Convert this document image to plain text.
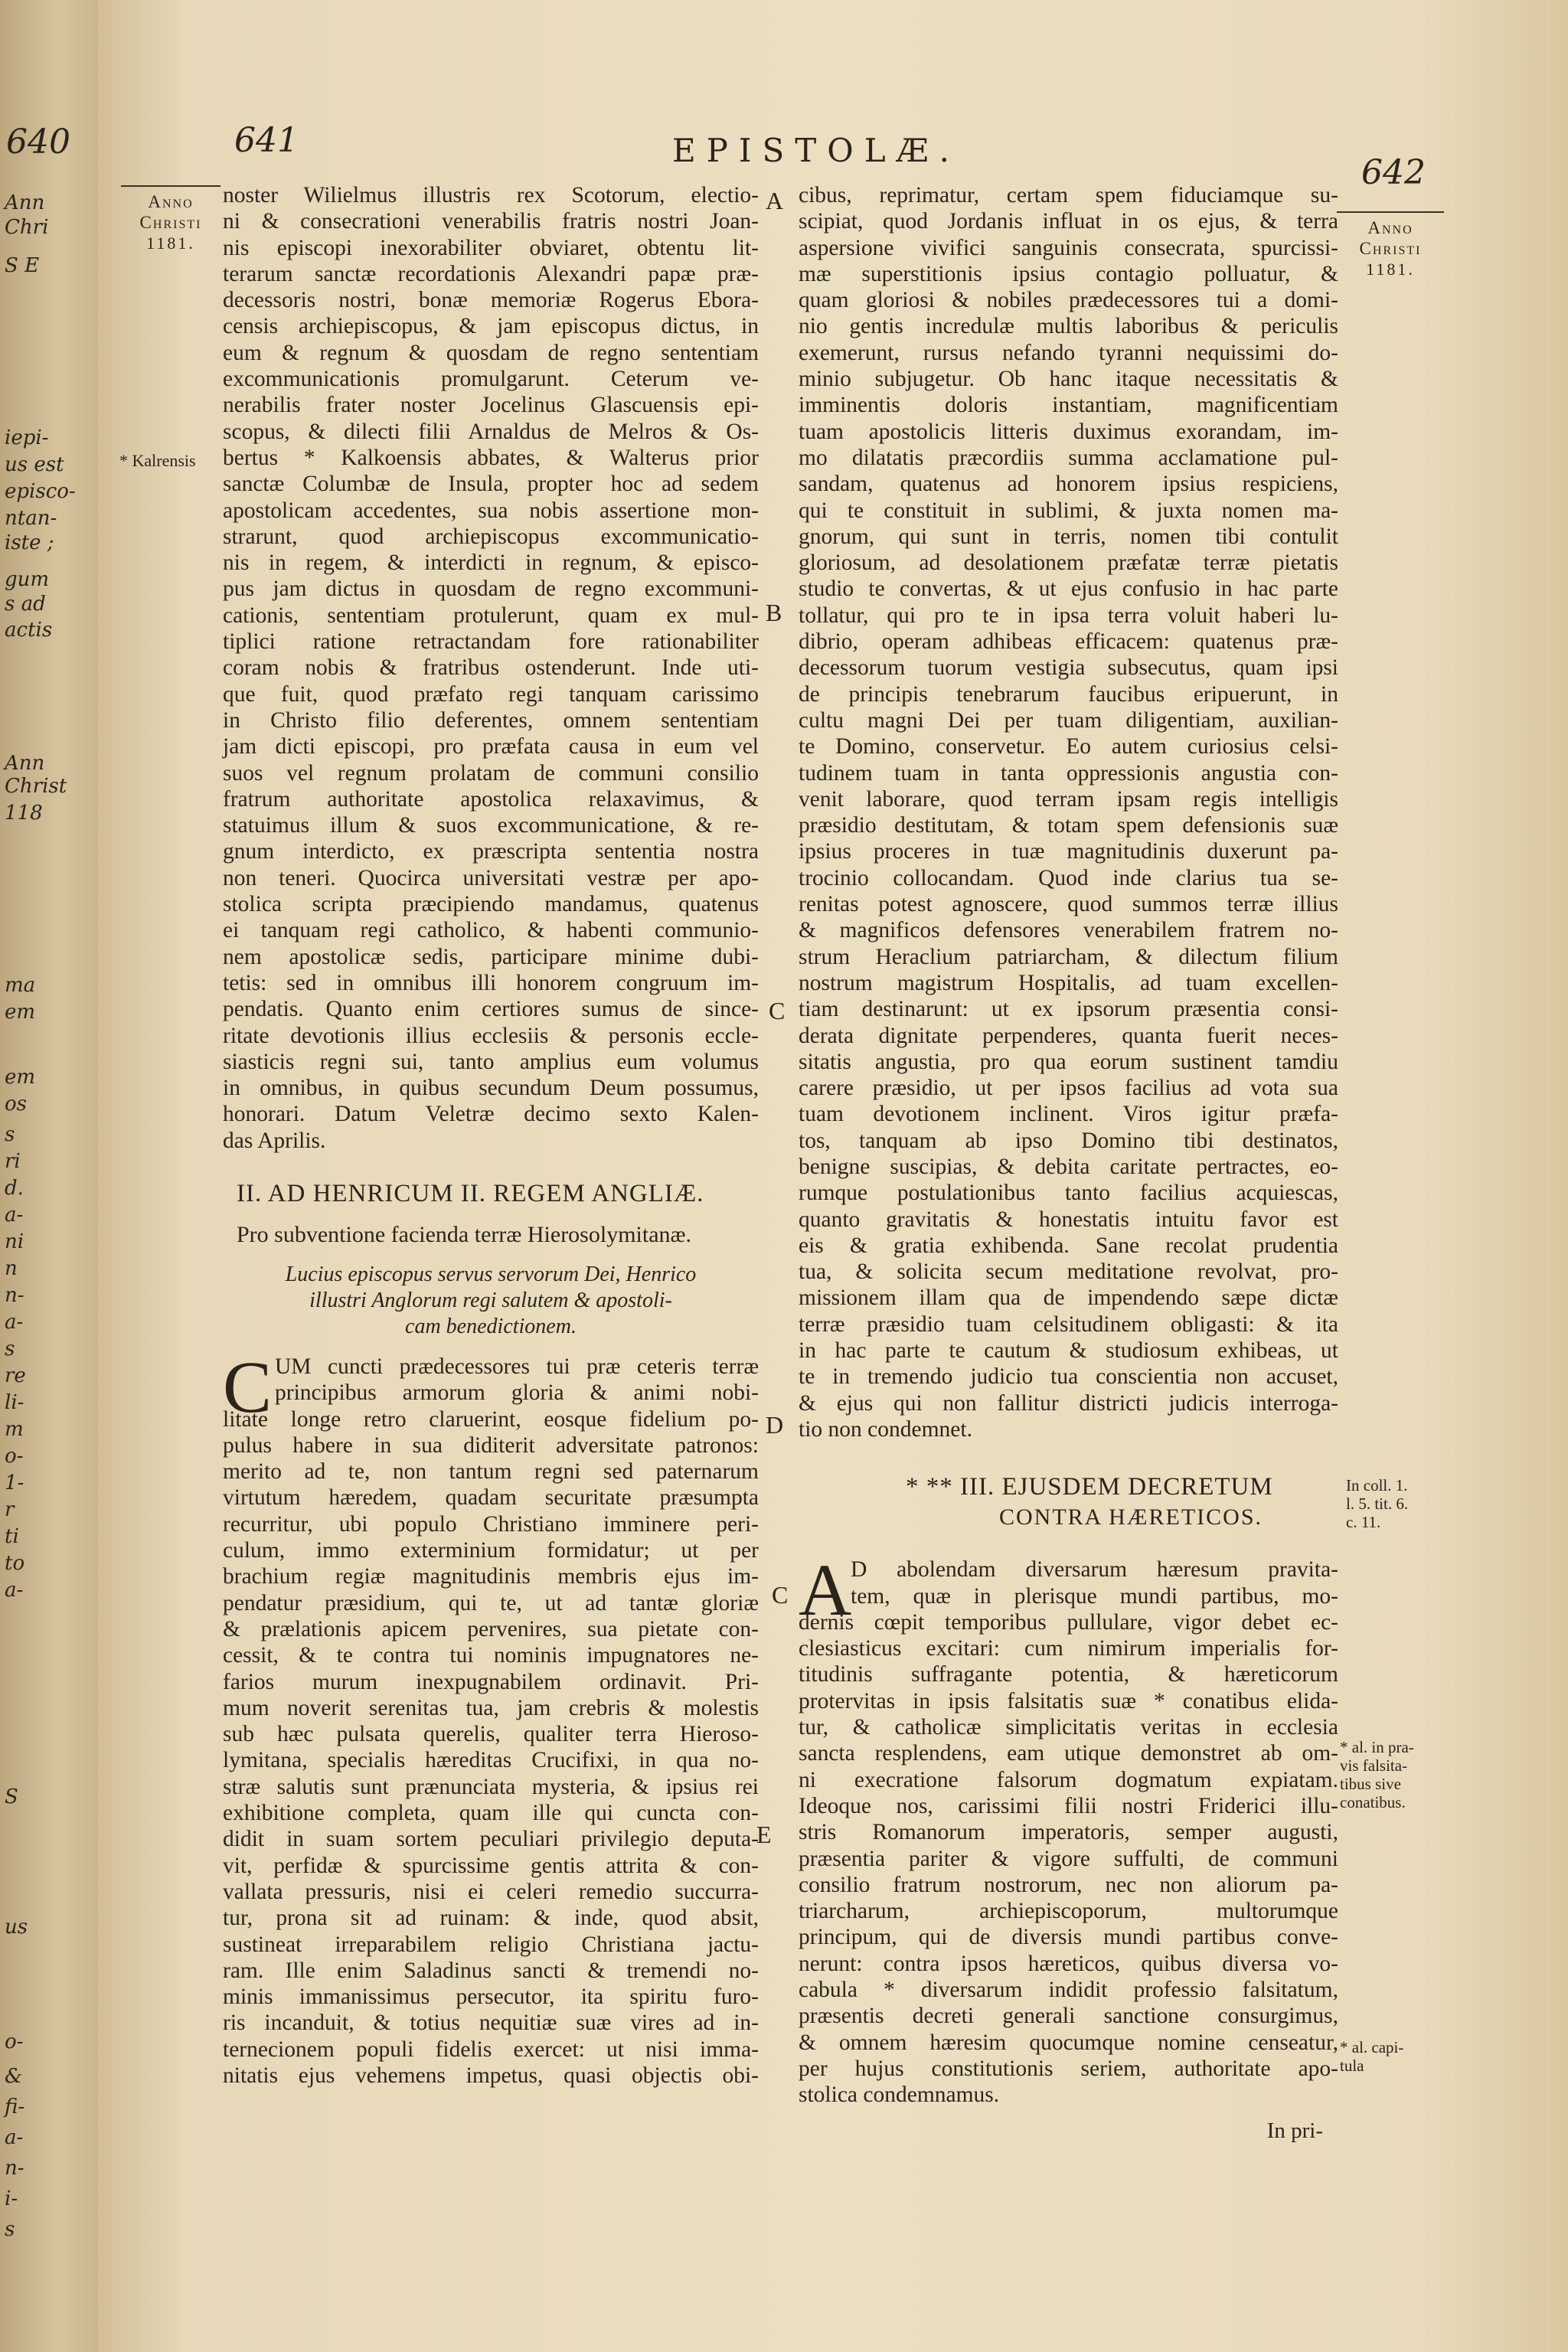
640
Ann
Chri
S E
iepi-
us est
episco-
ntan-
iste ;
gum
s ad
actis
Ann
Christ
118
ma
em
em
os
s
ri
d.
a-
ni
n
n-
a-
s
re
li-
m
o-
1-
r
ti
to
a-
S
us
o-
&
fi-
a-
n-
i-
s
641	EPISTOLÆ.
642
Anno
Christi
1181.
* Kalrensis
Anno
Christi
1181.
A
B
C
D
E
C
noster Wilielmus illustris rex Scotorum, electio-
ni & consecrationi venerabilis fratris nostri Joan-
nis episcopi inexorabiliter obviaret, obtentu lit-
terarum sanctæ recordationis Alexandri papæ præ-
decessoris nostri, bonæ memoriæ Rogerus Ebora-
censis archiepiscopus, & jam episcopus dictus, in
eum & regnum & quosdam de regno sententiam
excommunicationis promulgarunt. Ceterum ve-
nerabilis frater noster Jocelinus Glascuensis epi-
scopus, & dilecti filii Arnaldus de Melros & Os-
bertus * Kalkoensis abbates, & Walterus prior
sanctæ Columbæ de Insula, propter hoc ad sedem
apostolicam accedentes, sua nobis assertione mon-
strarunt, quod archiepiscopus excommunicatio-
nis in regem, & interdicti in regnum, & episco-
pus jam dictus in quosdam de regno excommuni-
cationis, sententiam protulerunt, quam ex mul-
tiplici ratione retractandam fore rationabiliter
coram nobis & fratribus ostenderunt. Inde uti-
que fuit, quod præfato regi tanquam carissimo
in Christo filio deferentes, omnem sententiam
jam dicti episcopi, pro præfata causa in eum vel
suos vel regnum prolatam de communi consilio
fratrum authoritate apostolica relaxavimus, &
statuimus illum & suos excommunicatione, & re-
gnum interdicto, ex præscripta sententia nostra
non teneri. Quocirca universitati vestræ per apo-
stolica scripta præcipiendo mandamus, quatenus
ei tanquam regi catholico, & habenti communio-
nem apostolicæ sedis, participare minime dubi-
tetis: sed in omnibus illi honorem congruum im-
pendatis. Quanto enim certiores sumus de since-
ritate devotionis illius ecclesiis & personis eccle-
siasticis regni sui, tanto amplius eum volumus
in omnibus, in quibus secundum Deum possumus,
honorari. Datum Veletræ decimo sexto Kalen-
das Aprilis.
II. AD HENRICUM II. REGEM ANGLIÆ.
Pro subventione facienda terræ Hierosolymitanæ.
Lucius episcopus servus servorum Dei, Henrico
illustri Anglorum regi salutem & apostoli-
cam benedictionem.
C UM cuncti prædecessores tui præ ceteris terræ
principibus armorum gloria & animi nobi-
litate longe retro claruerint, eosque fidelium po-
pulus habere in sua diditerit adversitate patronos:
merito ad te, non tantum regni sed paternarum
virtutum hæredem, quadam securitate præsumpta
recurritur, ubi populo Christiano imminere peri-
culum, immo exterminium formidatur; ut per
brachium regiæ magnitudinis membris ejus im-
pendatur præsidium, qui te, ut ad tantæ gloriæ
& prælationis apicem pervenires, sua pietate con-
cessit, & te contra tui nominis impugnatores ne-
farios murum inexpugnabilem ordinavit. Pri-
mum noverit serenitas tua, jam crebris & molestis
sub hæc pulsata querelis, qualiter terra Hieroso-
lymitana, specialis hæreditas Crucifixi, in qua no-
stræ salutis sunt prænunciata mysteria, & ipsius rei
exhibitione completa, quam ille qui cuncta con-
didit in suam sortem peculiari privilegio deputa-
vit, perfidæ & spurcissime gentis attrita & con-
vallata pressuris, nisi ei celeri remedio succurra-
tur, prona sit ad ruinam: & inde, quod absit,
sustineat irreparabilem religio Christiana jactu-
ram. Ille enim Saladinus sancti & tremendi no-
minis immanissimus persecutor, ita spiritu furo-
ris incanduit, & totius nequitiæ suæ vires ad in-
ternecionem populi fidelis exercet: ut nisi imma-
nitatis ejus vehemens impetus, quasi objectis obi-
cibus, reprimatur, certam spem fiduciamque su-
scipiat, quod Jordanis influat in os ejus, & terra
aspersione vivifici sanguinis consecrata, spurcissi-
mæ superstitionis ipsius contagio polluatur, &
quam gloriosi & nobiles prædecessores tui a domi-
nio gentis incredulæ multis laboribus & periculis
exemerunt, rursus nefando tyranni nequissimi do-
minio subjugetur. Ob hanc itaque necessitatis &
imminentis doloris instantiam, magnificentiam
tuam apostolicis litteris duximus exorandam, im-
mo dilatatis præcordiis summa acclamatione pul-
sandam, quatenus ad honorem ipsius respiciens,
qui te constituit in sublimi, & juxta nomen ma-
gnorum, qui sunt in terris, nomen tibi contulit
gloriosum, ad desolationem præfatæ terræ pietatis
studio te convertas, & ut ejus confusio in hac parte
tollatur, qui pro te in ipsa terra voluit haberi lu-
dibrio, operam adhibeas efficacem: quatenus præ-
decessorum tuorum vestigia subsecutus, quam ipsi
de principis tenebrarum faucibus eripuerunt, in
cultu magni Dei per tuam diligentiam, auxilian-
te Domino, conservetur. Eo autem curiosius celsi-
tudinem tuam in tanta oppressionis angustia con-
venit laborare, quod terram ipsam regis intelligis
præsidio destitutam, & totam spem defensionis suæ
ipsius proceres in tuæ magnitudinis duxerunt pa-
trocinio collocandam. Quod inde clarius tua se-
renitas potest agnoscere, quod summos terræ illius
& magnificos defensores venerabilem fratrem no-
strum Heraclium patriarcham, & dilectum filium
nostrum magistrum Hospitalis, ad tuam excellen-
tiam destinarunt: ut ex ipsorum præsentia consi-
derata dignitate perpenderes, quanta fuerit neces-
sitatis angustia, pro qua eorum sustinent tamdiu
carere præsidio, ut per ipsos facilius ad vota sua
tuam devotionem inclinent. Viros igitur præfa-
tos, tanquam ab ipso Domino tibi destinatos,
benigne suscipias, & debita caritate pertractes, eo-
rumque postulationibus tanto facilius acquiescas,
quanto gravitatis & honestatis intuitu favor est
eis & gratia exhibenda. Sane recolat prudentia
tua, & solicita secum meditatione revolvat, pro-
missionem illam qua de impendendo sæpe dictæ
terræ præsidio tuam celsitudinem obligasti: & ita
in hac parte te cautum & studiosum exhibeas, ut
te in tremendo judicio tua conscientia non accuset,
& ejus qui non fallitur districti judicis interroga-
tio non condemnet.
* ** III. EJUSDEM DECRETUM
CONTRA HÆRETICOS.
A
D abolendam diversarum hæresum pravita-
tem, quæ in plerisque mundi partibus, mo-
dernis cœpit temporibus pullulare, vigor debet ec-
clesiasticus excitari: cum nimirum imperialis for-
titudinis suffragante potentia, & hæreticorum
protervitas in ipsis falsitatis suæ * conatibus elida-
tur, & catholicæ simplicitatis veritas in ecclesia
sancta resplendens, eam utique demonstret ab om-
ni execratione falsorum dogmatum expiatam.
Ideoque nos, carissimi filii nostri Friderici illu-
stris Romanorum imperatoris, semper augusti,
præsentia pariter & vigore suffulti, de communi
consilio fratrum nostrorum, nec non aliorum pa-
triarcharum, archiepiscoporum, multorumque
principum, qui de diversis mundi partibus conve-
nerunt: contra ipsos hæreticos, quibus diversa vo-
cabula * diversarum indidit professio falsitatum,
præsentis decreti generali sanctione consurgimus,
& omnem hæresim quocumque nomine censeatur,
per hujus constitutionis seriem, authoritate apo-
stolica condemnamus.
In pri-
In coll. 1.
l. 5. tit. 6.
c. 11.
* al. in pra-
vis falsita-
tibus sive
conatibus.
* al. capi-
tula
